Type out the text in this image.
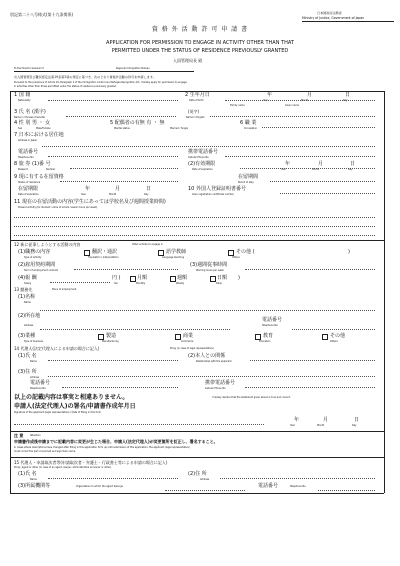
別記第二十八号様式(第十九条関係)	日本国政府法務省
Ministry of Justice, Government of Japan
資 格 外 活 動 許 可 申 請 書
APPLICATION FOR PERMISSION TO ENGAGE IN ACTIVITY OTHER THAN THAT
PERMITTED UNDER THE STATUS OF RESIDENCE PREVIOUSLY GRANTED
入国管理局長 殿
To the Director General of	Regional Immigration Bureau
出入国管理及び難民認定法第19条第2項の規定に基づき、次のとおり資格外活動の許可を申請します。
Pursuant to the provisions of Article 19, Paragraph 2 of the Immigration Control and Refugee Recognition Act, I hereby apply for permission to engage
in activities other than those permitted under the status of residence previously granted.
1 国 籍
Nationality
2 生年月日
Date of birth
年	月	日
Year	Month	Day
Family name	Given name
3 氏 名 (漢字)
Name in Chinese character
(英字)
Name in English
4 性 別 男 ・ 女
Sex	Male/Female
5 配偶者の有無 有 ・ 無
Marital status	Married / Single
6 職 業
Occupation
7 日本における居住地
Address in Japan
電話番号
Telephone No.
携帯電話番号
Cellular Phone No.
8 旅 券 (1)番 号
Passport	Number
(2)有効期限
Date of expiration
年	月	日
Year	Month	Day
9 現に有する在留資格
Status of residence
在留期間
Period of stay
在留期限
Date of expiration
年	月	日
Year	Month	Day
10 外国人登録証明書番号
Alien registration certificate number
11 現在の在留活動の内容(学生にあっては学校名及び週間授業時間)
Present activity (for student: name of school, lesson hours per week)
12 新に従事しようとする活動の内容	Other activity to engage in
(1)職務の内容	翻訳・通訳	語学教師	その他 (	)
Type of activity	Translation / Interpretation	Language teaching	Others
(2)雇用契約期間
Term of employment contract
(3)週間従事時間
Working hours per week
(4)報 酬
Salary
円 (	月額	週額	日額 )
Yen	Monthly	Weekly	Daily
13 勤務先	Place of employment
(1)名称
Name
(2)所在地
Address
電話番号
Telephone No.
(3)業種	製造	商業	教育	その他
Type of business	Manufacturing	Commerce	Education	Others
14 代理人(法定代理人による申請の場合に記入)	Proxy (in case of legal representative)
(1)氏 名
Name
(2)本人との関係
Relationship with the applicant
(3)住 所
Address
電話番号
Telephone No.
携帯電話番号
Cellular Phone No.
以上の記載内容は事実と相違ありません。	I hereby declare that the statement given above is true and correct.
申請人(法定代理人)の署名/申請書作成年月日
Signature of the applicant (legal representative) / Date of filling in this form
年	月	日
Year	Month	Day
注 意	Attention
申請書作成後申請までに記載内容に変更が生じた場合、申請人(法定代理人)が変更箇所を訂正し、署名すること。
In cases where descriptions have changed after filling in this application form up until submission of this application, the applicant (legal representative)
must correct the part concerned and sign their name.
15 代理人・申請取次者等(申請取次者・弁護士・行政書士等による申請の場合に記入)
Proxy, agent or other (in case of an agent, lawyer, administrative scrivener or other)
(1)氏 名
Name
(2)住 所
Address
(3)所属機関等	Organization to which the agent belongs	電話番号	Telephone No.
